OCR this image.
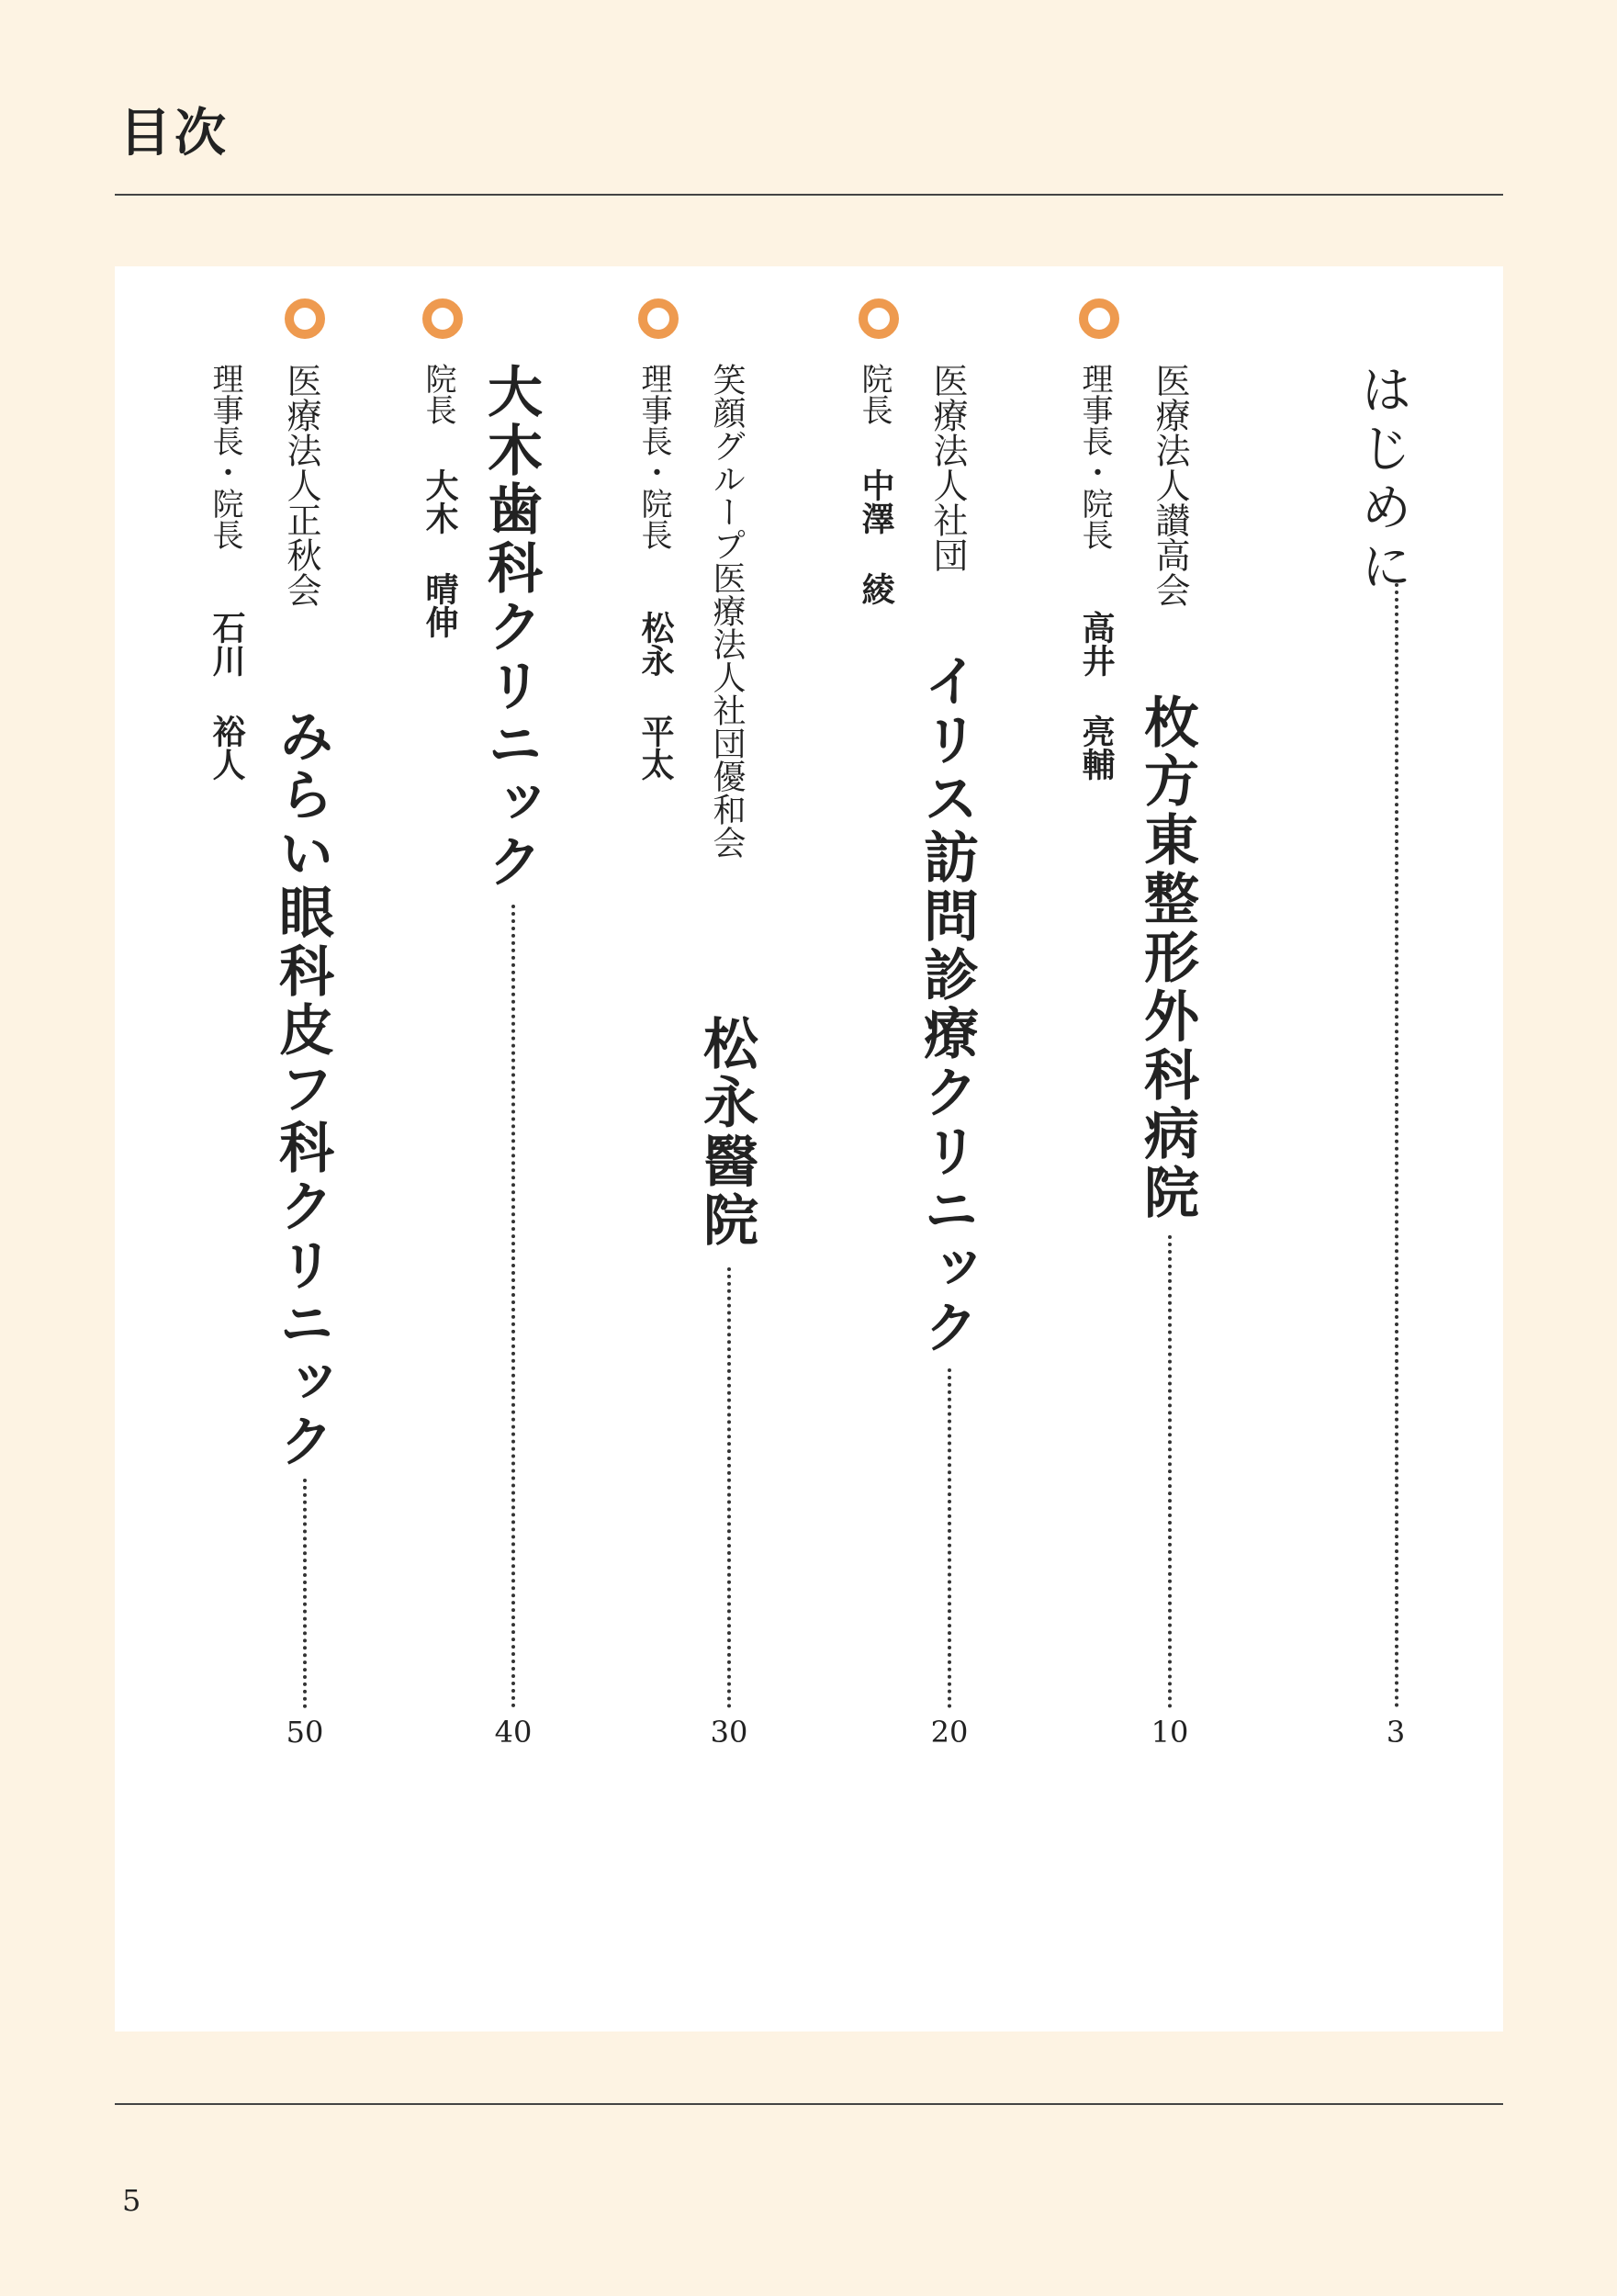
目次
はじめに
3
医療法人讃高会
理事長・院長
高井 亮輔 枚方東整形外科病院
10
医療法人社団
院長
中澤 綾
イリス訪問診療クリニック
20
笑顔グループ医療法人社団優和会
理事長・院長
松永 平太
松永醫院
30
院長
大木 晴伸 大木歯科クリニック
40
医療法人正秋会
理事長・院長
石川 裕人
みらい眼科皮フ科クリニック
50
5
